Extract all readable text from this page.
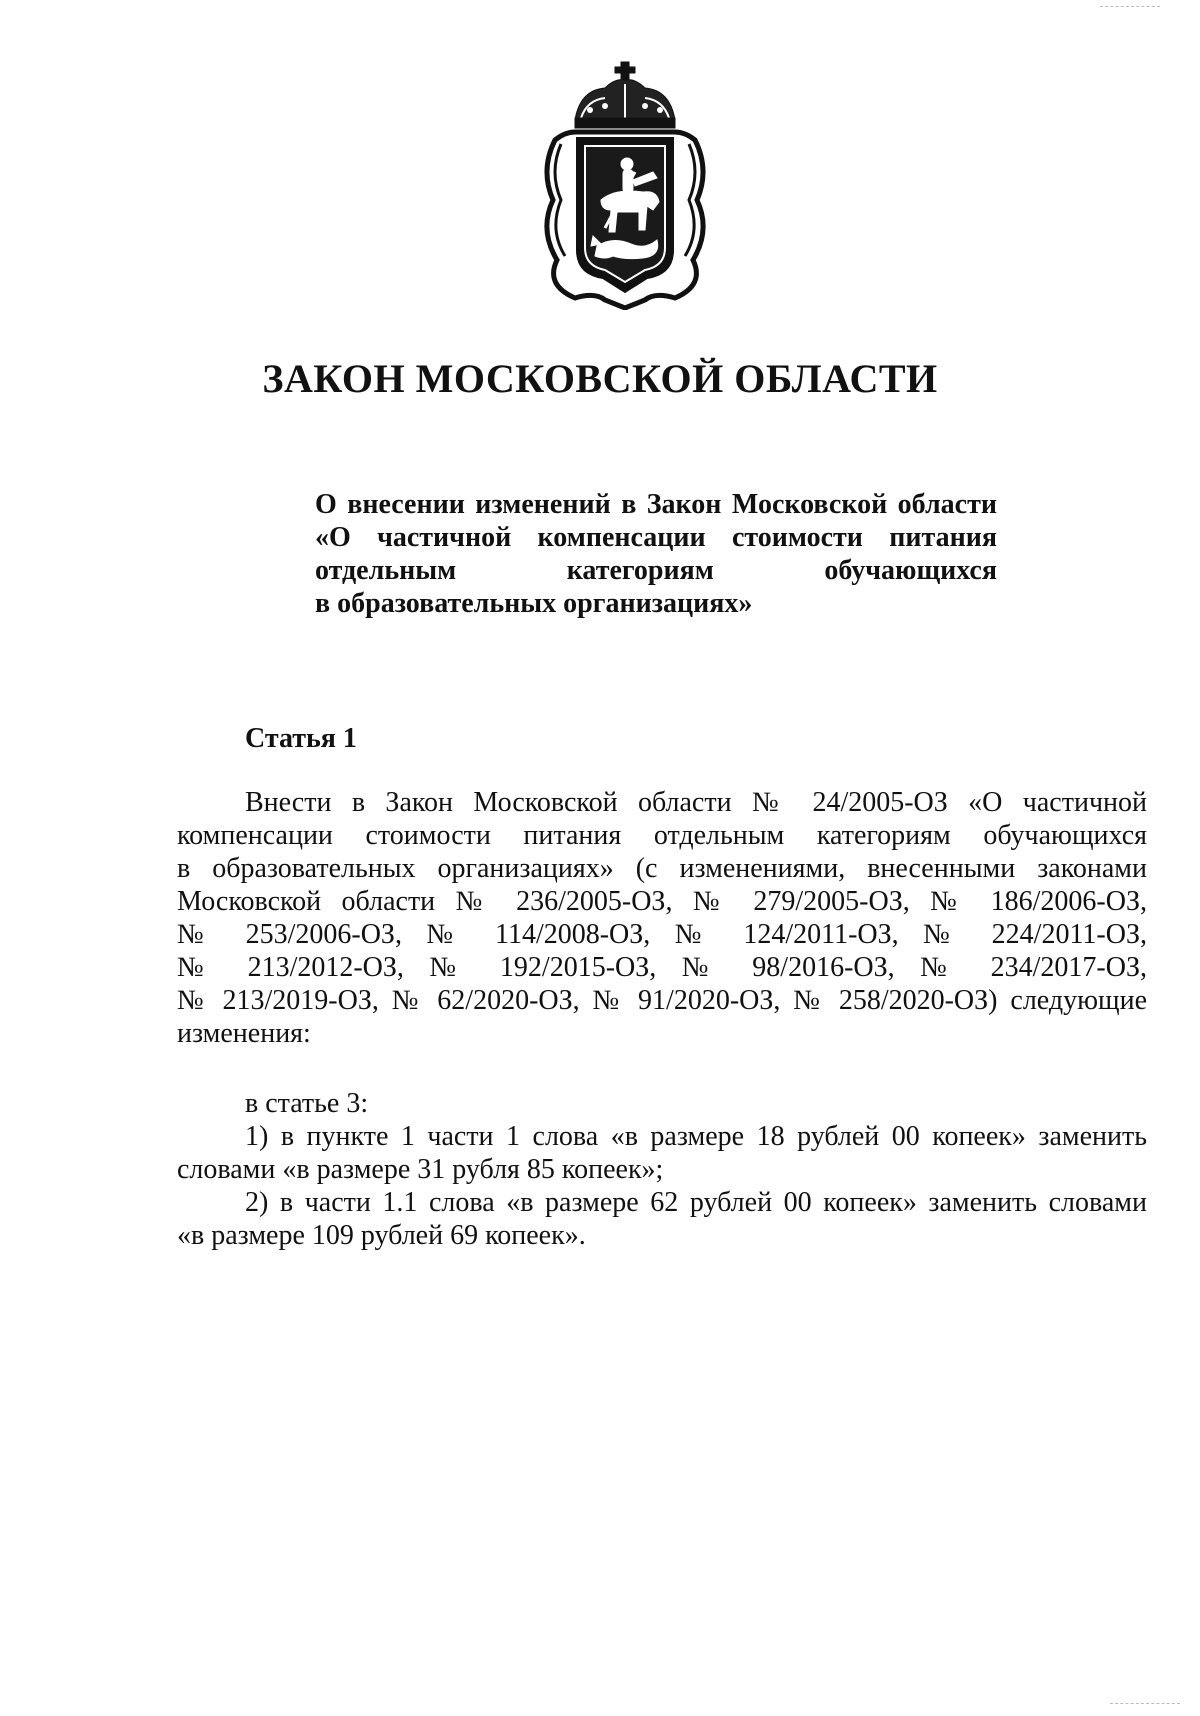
ЗАКОН МОСКОВСКОЙ ОБЛАСТИ
О внесении изменений в Закон Московской области
«О частичной компенсации стоимости питания
отдельным категориям обучающихся
в образовательных организациях»
Статья 1
Внести в Закон Московской области № 24/2005-ОЗ «О частичной
компенсации стоимости питания отдельным категориям обучающихся
в образовательных организациях» (с изменениями, внесенными законами
Московской области № 236/2005-ОЗ, № 279/2005-ОЗ, № 186/2006-ОЗ,
№ 253/2006-ОЗ, № 114/2008-ОЗ, № 124/2011-ОЗ, № 224/2011-ОЗ,
№ 213/2012-ОЗ, № 192/2015-ОЗ, № 98/2016-ОЗ, № 234/2017-ОЗ,
№ 213/2019-ОЗ, № 62/2020-ОЗ, № 91/2020-ОЗ, № 258/2020-ОЗ) следующие
изменения:
в статье 3:
1) в пункте 1 части 1 слова «в размере 18 рублей 00 копеек» заменить
словами «в размере 31 рубля 85 копеек»;
2) в части 1.1 слова «в размере 62 рублей 00 копеек» заменить словами
«в размере 109 рублей 69 копеек».
